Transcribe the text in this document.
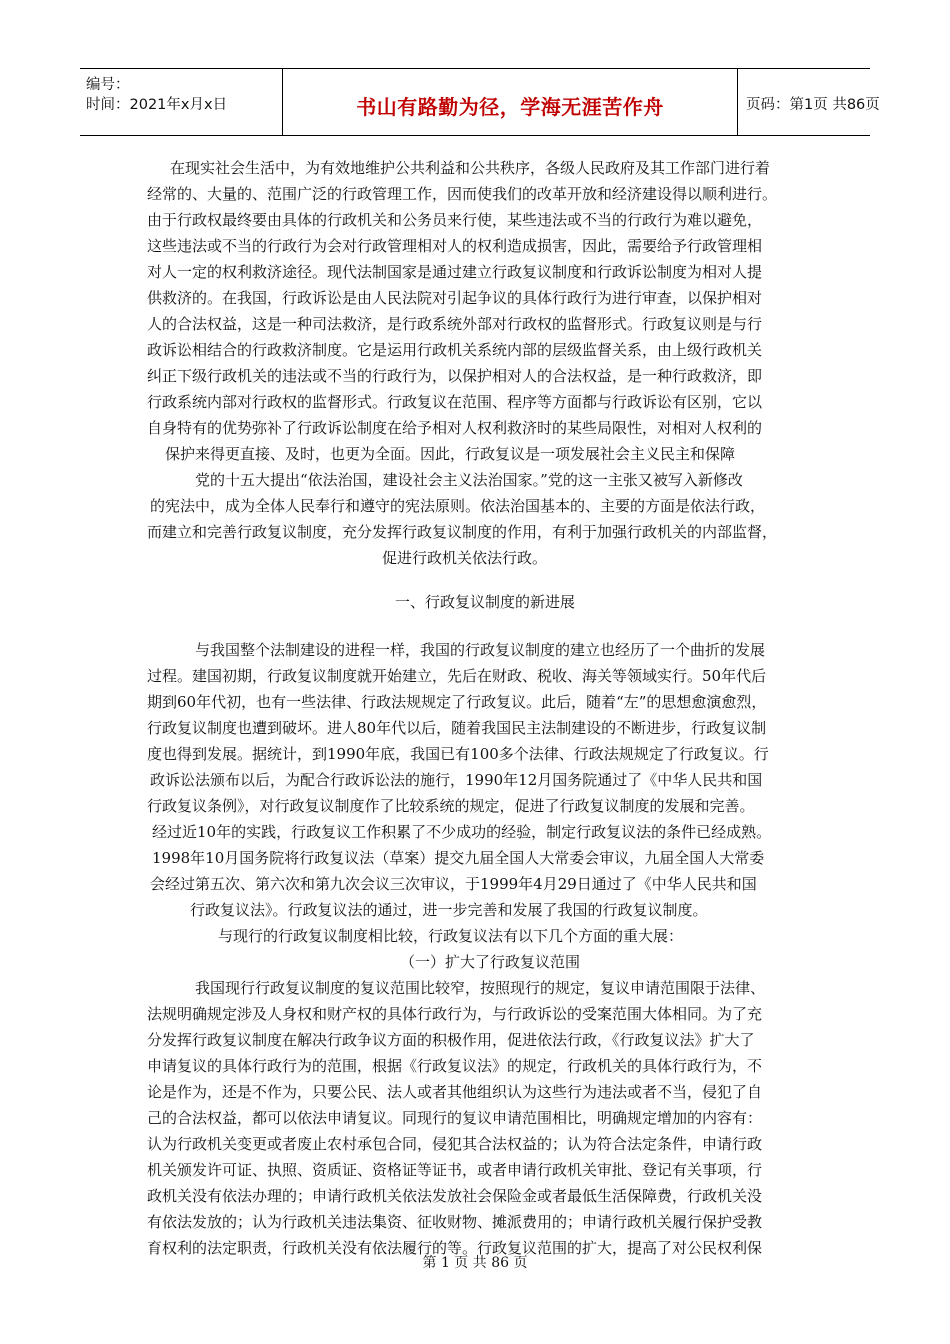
编号：
时间：2021年x月x日	书山有路勤为径，学海无涯苦作舟	页码：第1页 共86页
在现实社会生活中，为有效地维护公共利益和公共秩序，各级人民政府及其工作部门进行着
经常的、大量的、范围广泛的行政管理工作，因而使我们的改革开放和经济建设得以顺利进行。
由于行政权最终要由具体的行政机关和公务员来行使，某些违法或不当的行政行为难以避免，
这些违法或不当的行政行为会对行政管理相对人的权利造成损害，因此，需要给予行政管理相
对人一定的权利救济途径。现代法制国家是通过建立行政复议制度和行政诉讼制度为相对人提
供救济的。在我国，行政诉讼是由人民法院对引起争议的具体行政行为进行审查，以保护相对
人的合法权益，这是一种司法救济，是行政系统外部对行政权的监督形式。行政复议则是与行
政诉讼相结合的行政救济制度。它是运用行政机关系统内部的层级监督关系，由上级行政机关
纠正下级行政机关的违法或不当的行政行为，以保护相对人的合法权益，是一种行政救济，即
行政系统内部对行政权的监督形式。行政复议在范围、程序等方面都与行政诉讼有区别，它以
自身特有的优势弥补了行政诉讼制度在给予相对人权利救济时的某些局限性，对相对人权利的
保护来得更直接、及时，也更为全面。因此，行政复议是一项发展社会主义民主和保障
党的十五大提出“依法治国，建设社会主义法治国家。”党的这一主张又被写入新修改
的宪法中，成为全体人民奉行和遵守的宪法原则。依法治国基本的、主要的方面是依法行政，
而建立和完善行政复议制度，充分发挥行政复议制度的作用，有利于加强行政机关的内部监督，
促进行政机关依法行政。
一、行政复议制度的新进展
与我国整个法制建设的进程一样，我国的行政复议制度的建立也经历了一个曲折的发展
过程。建国初期，行政复议制度就开始建立，先后在财政、税收、海关等领域实行。50年代后
期到60年代初，也有一些法律、行政法规规定了行政复议。此后，随着“左”的思想愈演愈烈，
行政复议制度也遭到破坏。进人80年代以后，随着我国民主法制建设的不断进步，行政复议制
度也得到发展。据统计，到1990年底，我国已有100多个法律、行政法规规定了行政复议。行
政诉讼法颁布以后，为配合行政诉讼法的施行，1990年12月国务院通过了《中华人民共和国
行政复议条例》，对行政复议制度作了比较系统的规定，促进了行政复议制度的发展和完善。
经过近10年的实践，行政复议工作积累了不少成功的经验，制定行政复议法的条件已经成熟。
1998年10月国务院将行政复议法（草案）提交九届全国人大常委会审议，九届全国人大常委
会经过第五次、第六次和第九次会议三次审议，于1999年4月29日通过了《中华人民共和国
行政复议法》。行政复议法的通过，进一步完善和发展了我国的行政复议制度。
与现行的行政复议制度相比较，行政复议法有以下几个方面的重大展：
（一）扩大了行政复议范围
我国现行行政复议制度的复议范围比较窄，按照现行的规定，复议申请范围限于法律、
法规明确规定涉及人身权和财产权的具体行政行为，与行政诉讼的受案范围大体相同。为了充
分发挥行政复议制度在解决行政争议方面的积极作用，促进依法行政，《行政复议法》扩大了
申请复议的具体行政行为的范围，根据《行政复议法》的规定，行政机关的具体行政行为，不
论是作为，还是不作为，只要公民、法人或者其他组织认为这些行为违法或者不当，侵犯了自
己的合法权益，都可以依法申请复议。同现行的复议申请范围相比，明确规定增加的内容有：
认为行政机关变更或者废止农村承包合同，侵犯其合法权益的；认为符合法定条件，申请行政
机关颁发许可证、执照、资质证、资格证等证书，或者申请行政机关审批、登记有关事项，行
政机关没有依法办理的；申请行政机关依法发放社会保险金或者最低生活保障费，行政机关没
有依法发放的；认为行政机关违法集资、征收财物、摊派费用的；申请行政机关履行保护受教
育权利的法定职责，行政机关没有依法履行的等。行政复议范围的扩大，提高了对公民权利保
第 1 页 共 86 页
